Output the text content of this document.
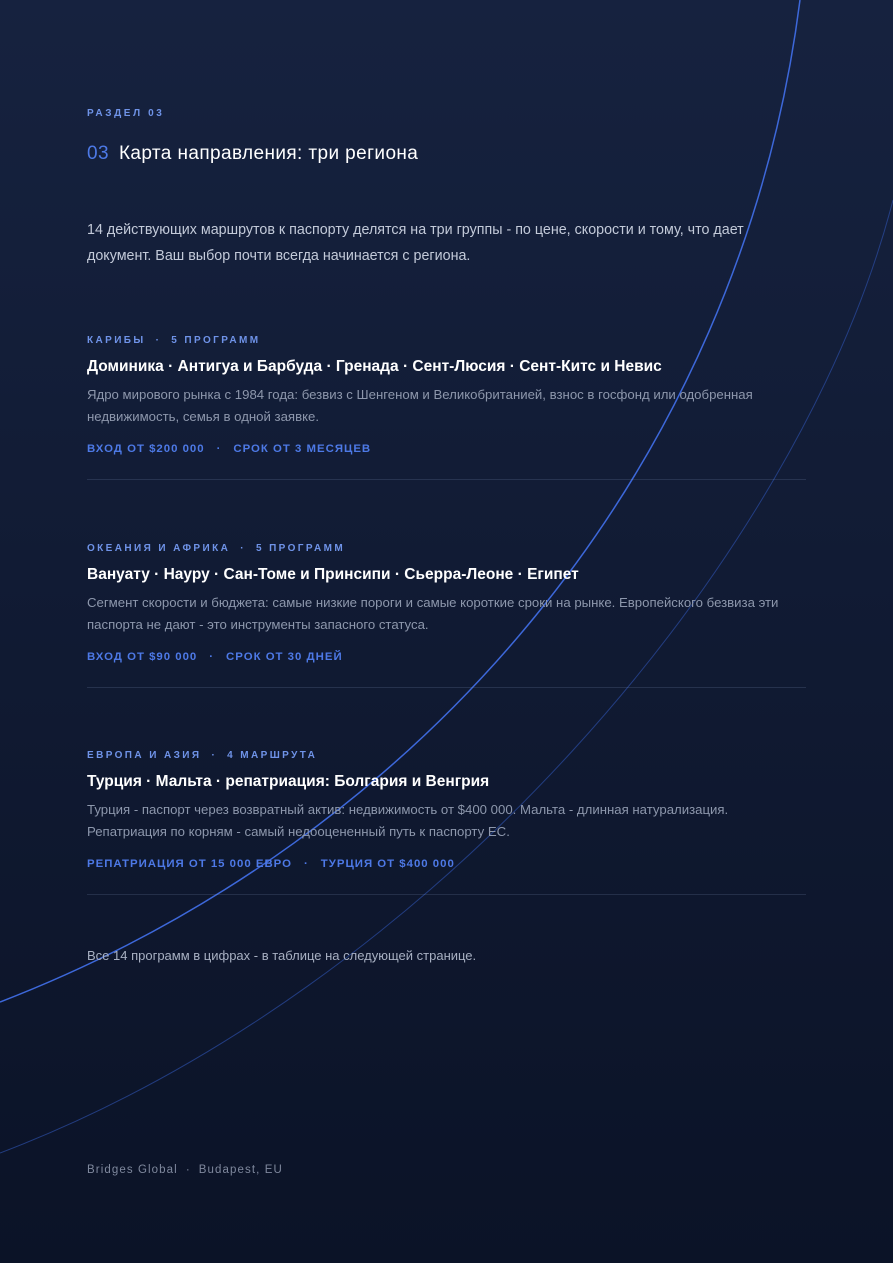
РАЗДЕЛ 03
03 Карта направления: три региона
14 действующих маршрутов к паспорту делятся на три группы - по цене, скорости и тому, что дает документ. Ваш выбор почти всегда начинается с региона.
КАРИБЫ · 5 ПРОГРАММ
Доминика · Антигуа и Барбуда · Гренада · Сент-Люсия · Сент-Китс и Невис
Ядро мирового рынка с 1984 года: безвиз с Шенгеном и Великобританией, взнос в госфонд или одобренная недвижимость, семья в одной заявке.
ВХОД ОТ $200 000 · СРОК ОТ 3 МЕСЯЦЕВ
ОКЕАНИЯ И АФРИКА · 5 ПРОГРАММ
Вануату · Науру · Сан-Томе и Принсипи · Сьерра-Леоне · Египет
Сегмент скорости и бюджета: самые низкие пороги и самые короткие сроки на рынке. Европейского безвиза эти паспорта не дают - это инструменты запасного статуса.
ВХОД ОТ $90 000 · СРОК ОТ 30 ДНЕЙ
ЕВРОПА И АЗИЯ · 4 МАРШРУТА
Турция · Мальта · репатриация: Болгария и Венгрия
Турция - паспорт через возвратный актив: недвижимость от $400 000. Мальта - длинная натурализация. Репатриация по корням - самый недооцененный путь к паспорту ЕС.
РЕПАТРИАЦИЯ ОТ 15 000 ЕВРО · ТУРЦИЯ ОТ $400 000
Все 14 программ в цифрах - в таблице на следующей странице.
Bridges Global · Budapest, EU
